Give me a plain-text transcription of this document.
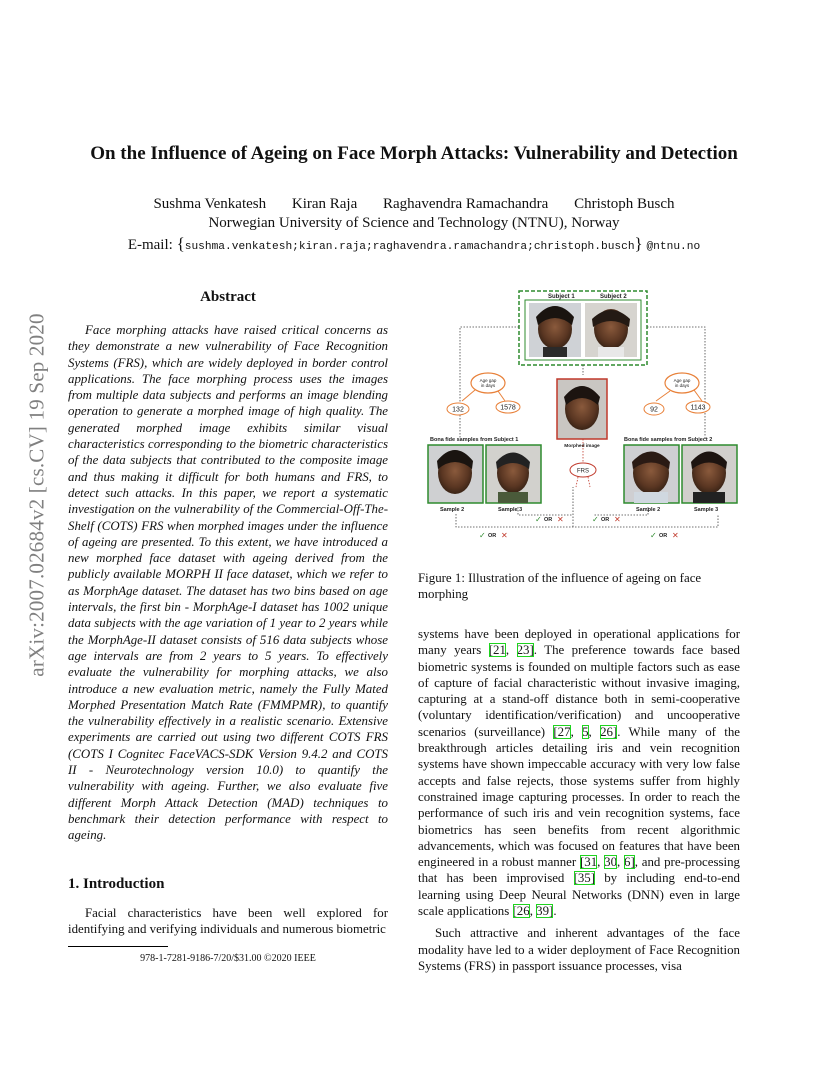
arXiv:2007.02684v2 [cs.CV] 19 Sep 2020
On the Influence of Ageing on Face Morph Attacks: Vulnerability and Detection
Sushma Venkatesh Kiran Raja Raghavendra Ramachandra Christoph Busch
Norwegian University of Science and Technology (NTNU), Norway
E-mail: {sushma.venkatesh;kiran.raja;raghavendra.ramachandra;christoph.busch} @ntnu.no
Abstract

Face morphing attacks have raised critical concerns as they demonstrate a new vulnerability of Face Recognition Systems (FRS), which are widely deployed in border control applications. The face morphing process uses the images from multiple data subjects and performs an image blending operation to generate a morphed image of high quality. The generated morphed image exhibits similar visual characteristics corresponding to the biometric characteristics of the data subjects that contributed to the composite image and thus making it difficult for both humans and FRS, to detect such attacks. In this paper, we report a systematic investigation on the vulnerability of the Commercial-Off-The-Shelf (COTS) FRS when morphed images under the influence of ageing are presented. To this extent, we have introduced a new morphed face dataset with ageing derived from the publicly available MORPH II face dataset, which we refer to as MorphAge dataset. The dataset has two bins based on age intervals, the first bin - MorphAge-I dataset has 1002 unique data subjects with the age variation of 1 year to 2 years while the MorphAge-II dataset consists of 516 data subjects whose age intervals are from 2 years to 5 years. To effectively evaluate the vulnerability for morphing attacks, we also introduce a new evaluation metric, namely the Fully Mated Morphed Presentation Match Rate (FMMPMR), to quantify the vulnerability effectively in a realistic scenario. Extensive experiments are carried out using two different COTS FRS (COTS I Cognitec FaceVACS-SDK Version 9.4.2 and COTS II - Neurotechnology version 10.0) to quantify the vulnerability with ageing. Further, we also evaluate five different Morph Attack Detection (MAD) techniques to benchmark their detection performance with respect to ageing.

1. Introduction

Facial characteristics have been well explored for identifying and verifying individuals and numerous biometric

978-1-7281-9186-7/20/$31.00 ©2020 IEEE
Subject 1	Subject 2
Age gap
in days
Age gap
in days
132	1578	92	1143
Morphed image
Bona fide samples from Subject 1	Bona fide samples from Subject 2
FRS
Sample 2	Sample 3	Sample 2	Sample 3
✓ OR ✕	✓ OR ✕
✓ OR ✕	✓ OR ✕
Figure 1: Illustration of the influence of ageing on face morphing

systems have been deployed in operational applications for many years [21, 23]. The preference towards face based biometric systems is founded on multiple factors such as ease of capture of facial characteristic without invasive imaging, capturing at a stand-off distance both in semi-cooperative (voluntary identification/verification) and uncooperative scenarios (surveillance) [27, 5, 26]. While many of the breakthrough articles detailing iris and vein recognition systems have shown impeccable accuracy with very low false accepts and false rejects, those systems suffer from highly constrained image capturing processes. In order to reach the performance of such iris and vein recognition systems, face biometrics has seen benefits from recent algorithmic advancements, which was focused on features that have been engineered in a robust manner [31, 30, 6], and pre-processing that has been improvised [35] by including end-to-end learning using Deep Neural Networks (DNN) even in large scale applications [26, 39].

Such attractive and inherent advantages of the face modality have led to a wider deployment of Face Recognition Systems (FRS) in passport issuance processes, visa
